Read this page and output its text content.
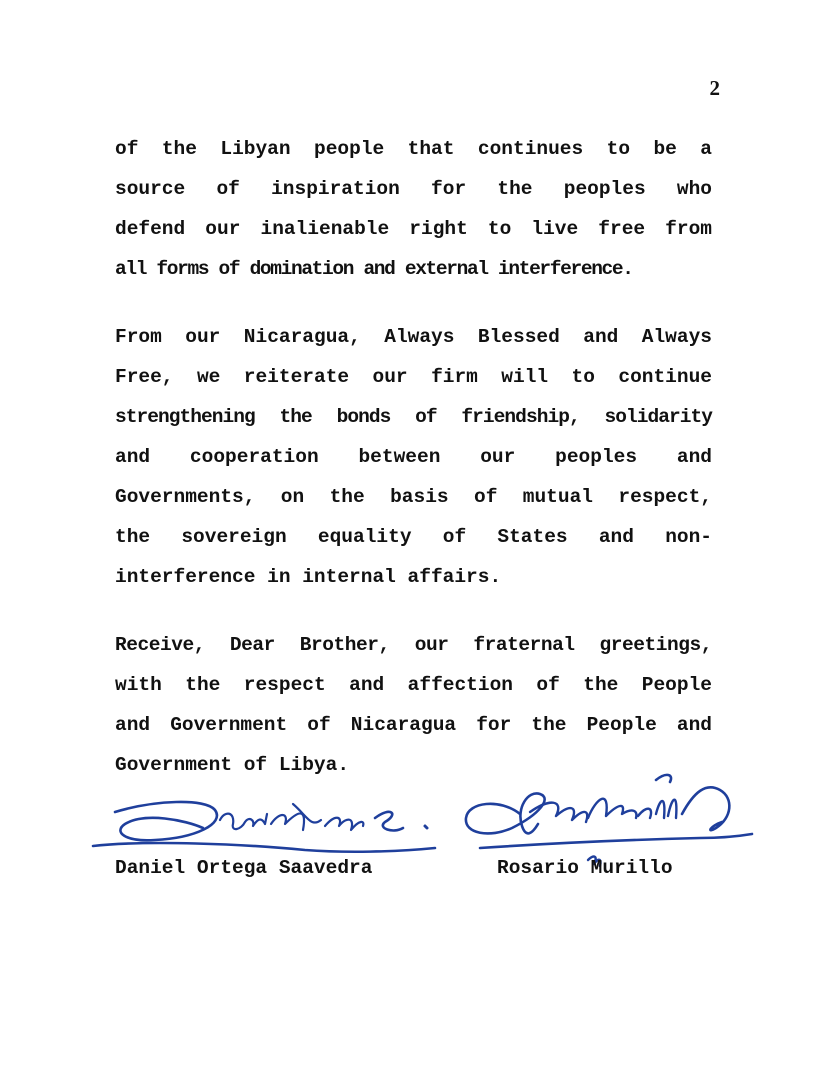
2
of the Libyan people that continues to be a
source of inspiration for the peoples who
defend our inalienable right to live free from
all forms of domination and external interference.
From our Nicaragua, Always Blessed and Always
Free, we reiterate our firm will to continue
strengthening the bonds of friendship, solidarity
and cooperation between our peoples and
Governments, on the basis of mutual respect,
the sovereign equality of States and non-
interference in internal affairs.
Receive, Dear Brother, our fraternal greetings,
with the respect and affection of the People
and Government of Nicaragua for the People and
Government of Libya.
Daniel Ortega Saavedra	Rosario Murillo
